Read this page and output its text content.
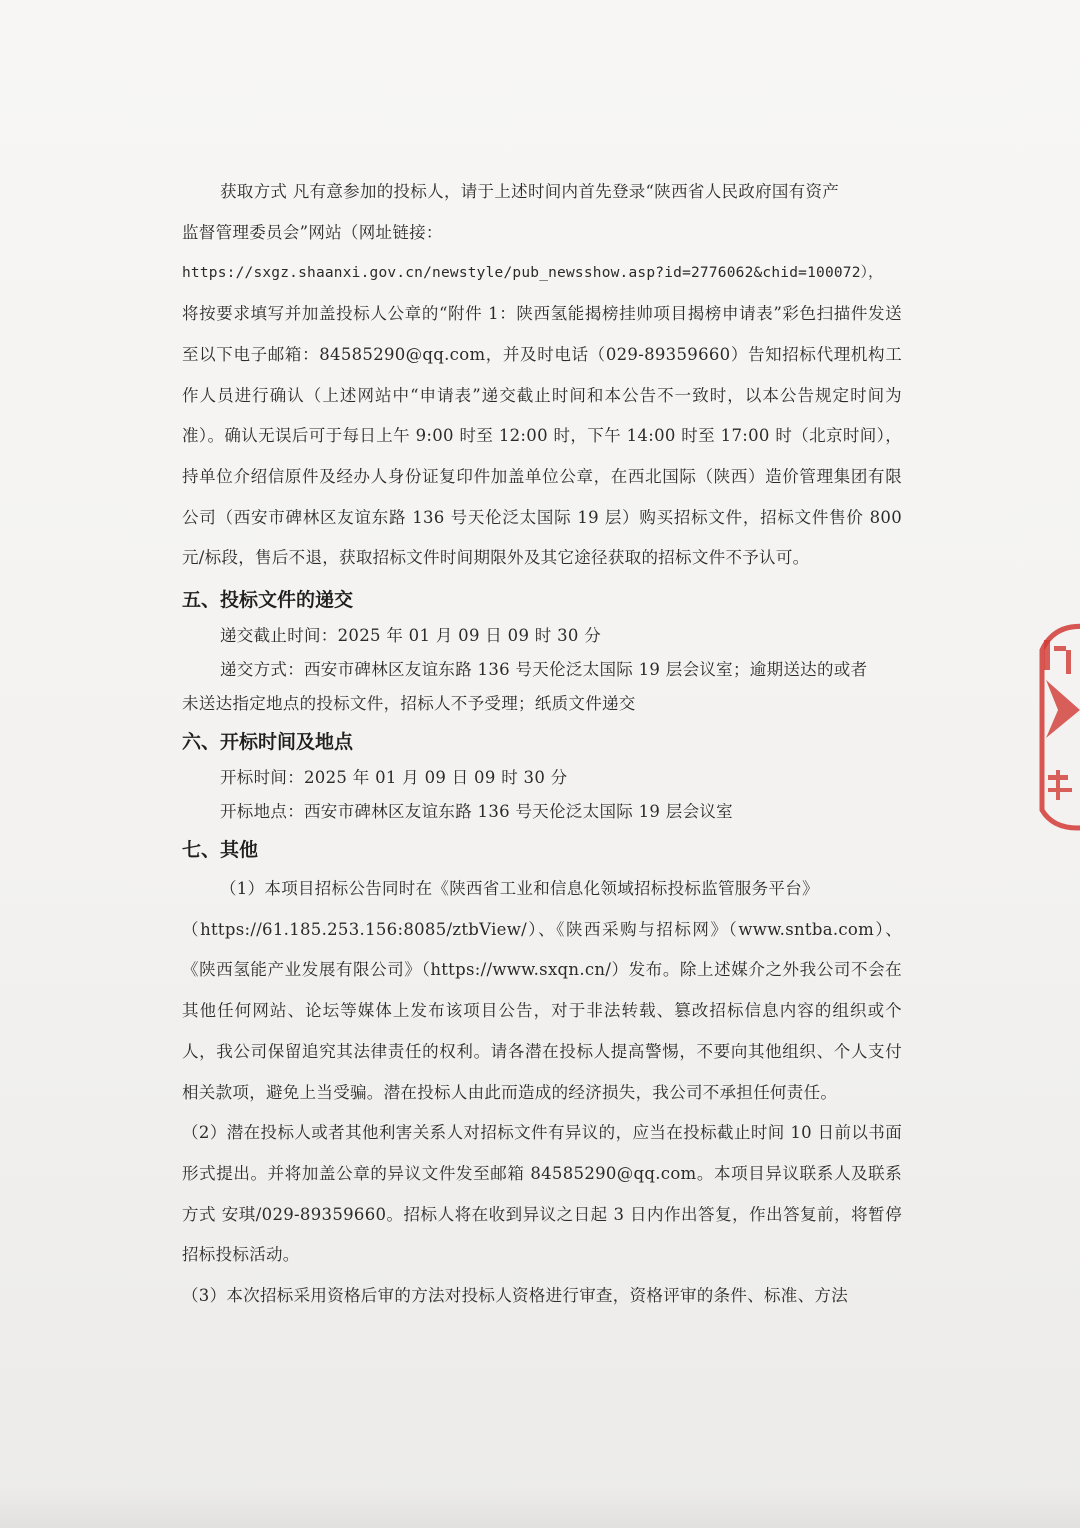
获取方式 凡有意参加的投标人，请于上述时间内首先登录“陕西省人民政府国有资产

监督管理委员会”网站（网址链接：

https://sxgz.shaanxi.gov.cn/newstyle/pub_newsshow.asp?id=2776062&chid=100072），

将按要求填写并加盖投标人公章的“附件 1：陕西氢能揭榜挂帅项目揭榜申请表”彩色扫描件发送至以下电子邮箱：84585290@qq.com，并及时电话（029-89359660）告知招标代理机构工作人员进行确认（上述网站中“申请表”递交截止时间和本公告不一致时，以本公告规定时间为准）。确认无误后可于每日上午 9:00 时至 12:00 时，下午 14:00 时至 17:00 时（北京时间），持单位介绍信原件及经办人身份证复印件加盖单位公章，在西北国际（陕西）造价管理集团有限公司（西安市碑林区友谊东路 136 号天伦泛太国际 19 层）购买招标文件，招标文件售价 800 元/标段，售后不退，获取招标文件时间期限外及其它途径获取的招标文件不予认可。

五、投标文件的递交

递交截止时间：2025 年 01 月 09 日 09 时 30 分

递交方式：西安市碑林区友谊东路 136 号天伦泛太国际 19 层会议室；逾期送达的或者

未送达指定地点的投标文件，招标人不予受理；纸质文件递交

六、开标时间及地点

开标时间：2025 年 01 月 09 日 09 时 30 分

开标地点：西安市碑林区友谊东路 136 号天伦泛太国际 19 层会议室

七、其他

（1）本项目招标公告同时在《陕西省工业和信息化领域招标投标监管服务平台》

（https://61.185.253.156:8085/ztbView/）、《陕西采购与招标网》（www.sntba.com）、《陕西氢能产业发展有限公司》（https://www.sxqn.cn/）发布。除上述媒介之外我公司不会在其他任何网站、论坛等媒体上发布该项目公告，对于非法转载、篡改招标信息内容的组织或个人，我公司保留追究其法律责任的权利。请各潜在投标人提高警惕，不要向其他组织、个人支付相关款项，避免上当受骗。潜在投标人由此而造成的经济损失，我公司不承担任何责任。

（2）潜在投标人或者其他利害关系人对招标文件有异议的，应当在投标截止时间 10 日前以书面形式提出。并将加盖公章的异议文件发至邮箱 84585290@qq.com。本项目异议联系人及联系方式 安琪/029-89359660。招标人将在收到异议之日起 3 日内作出答复，作出答复前，将暂停招标投标活动。

（3）本次招标采用资格后审的方法对投标人资格进行审查，资格评审的条件、标准、方法
